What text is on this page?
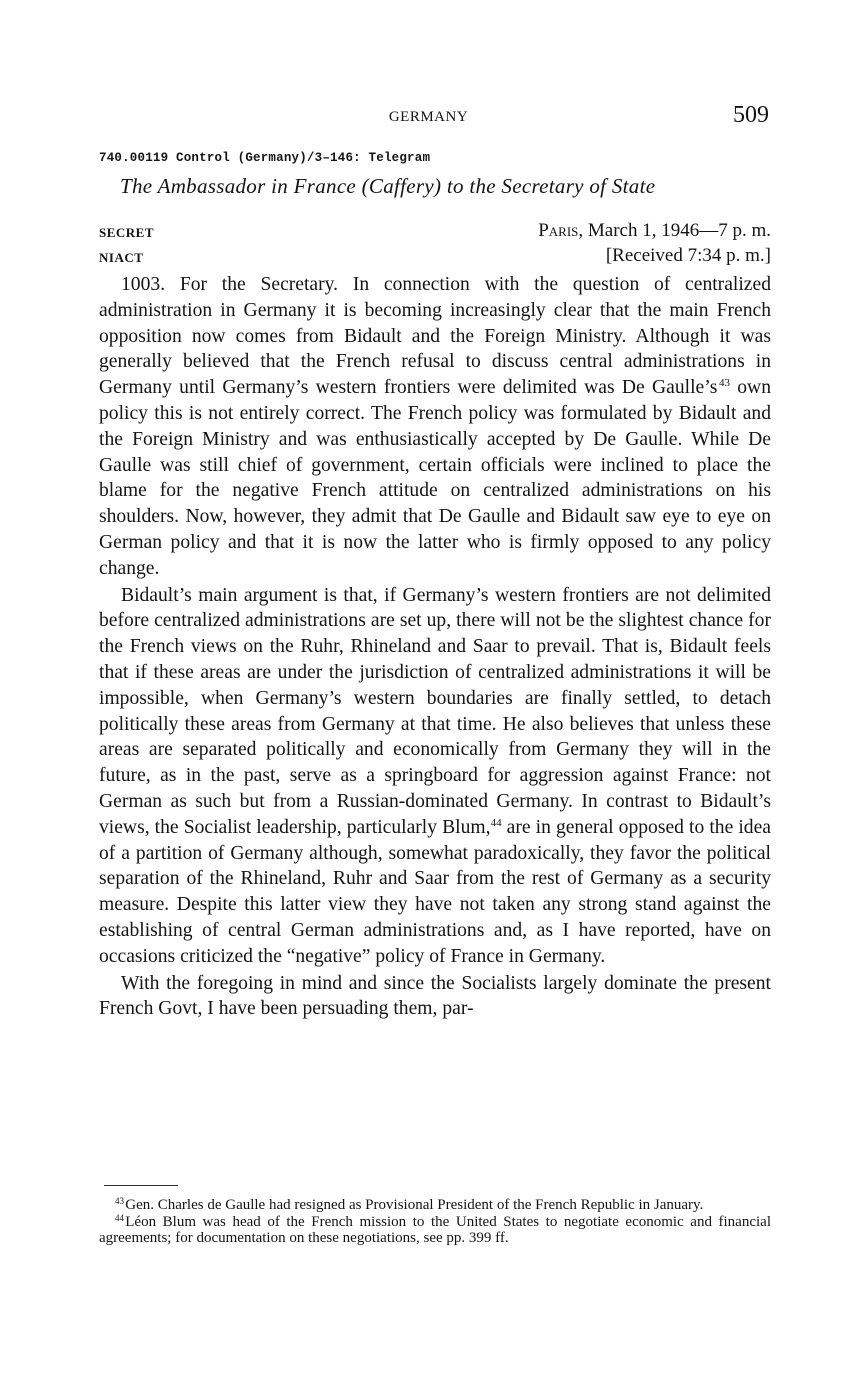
GERMANY	509
740.00119 Control (Germany)/3–146: Telegram
The Ambassador in France (Caffery) to the Secretary of State
SECRET	Paris, March 1, 1946—7 p. m.
NIACT	[Received 7:34 p. m.]

1003. For the Secretary. In connection with the question of centralized administration in Germany it is becoming increasingly clear that the main French opposition now comes from Bidault and the Foreign Ministry. Although it was generally believed that the French refusal to discuss central administrations in Germany until Germany’s western frontiers were delimited was De Gaulle’s  $^{43}$ own policy this is not entirely correct. The French policy was formulated by Bidault and the Foreign Ministry and was enthusiastically accepted by De Gaulle. While De Gaulle was still chief of government, certain officials were inclined to place the blame for the negative French attitude on centralized administrations on his shoulders. Now, however, they admit that De Gaulle and Bidault saw eye to eye on German policy and that it is now the latter who is firmly opposed to any policy change.

Bidault’s main argument is that, if Germany’s western frontiers are not delimited before centralized administrations are set up, there will not be the slightest chance for the French views on the Ruhr, Rhineland and Saar to prevail. That is, Bidault feels that if these areas are under the jurisdiction of centralized administrations it will be impossible, when Germany’s western boundaries are finally settled, to detach politically these areas from Germany at that time. He also believes that unless these areas are separated politically and economically from Germany they will in the future, as in the past, serve as a springboard for aggression against France: not German as such but from a Russian-dominated Germany. In contrast to Bidault’s views, the Socialist leadership, particularly Blum,$^{44}$ are in general opposed to the idea of a partition of Germany although, somewhat paradoxically, they favor the political separation of the Rhineland, Ruhr and Saar from the rest of Germany as a security measure. Despite this latter view they have not taken any strong stand against the establishing of central German administrations and, as I have reported, have on occasions criticized the “negative” policy of France in Germany.

With the foregoing in mind and since the Socialists largely dominate the present French Govt, I have been persuading them, par-

$^{43}$ Gen. Charles de Gaulle had resigned as Provisional President of the French Republic in January.

$^{44}$ Léon Blum was head of the French mission to the United States to negotiate economic and financial agreements; for documentation on these negotiations, see pp. 399 ff.
